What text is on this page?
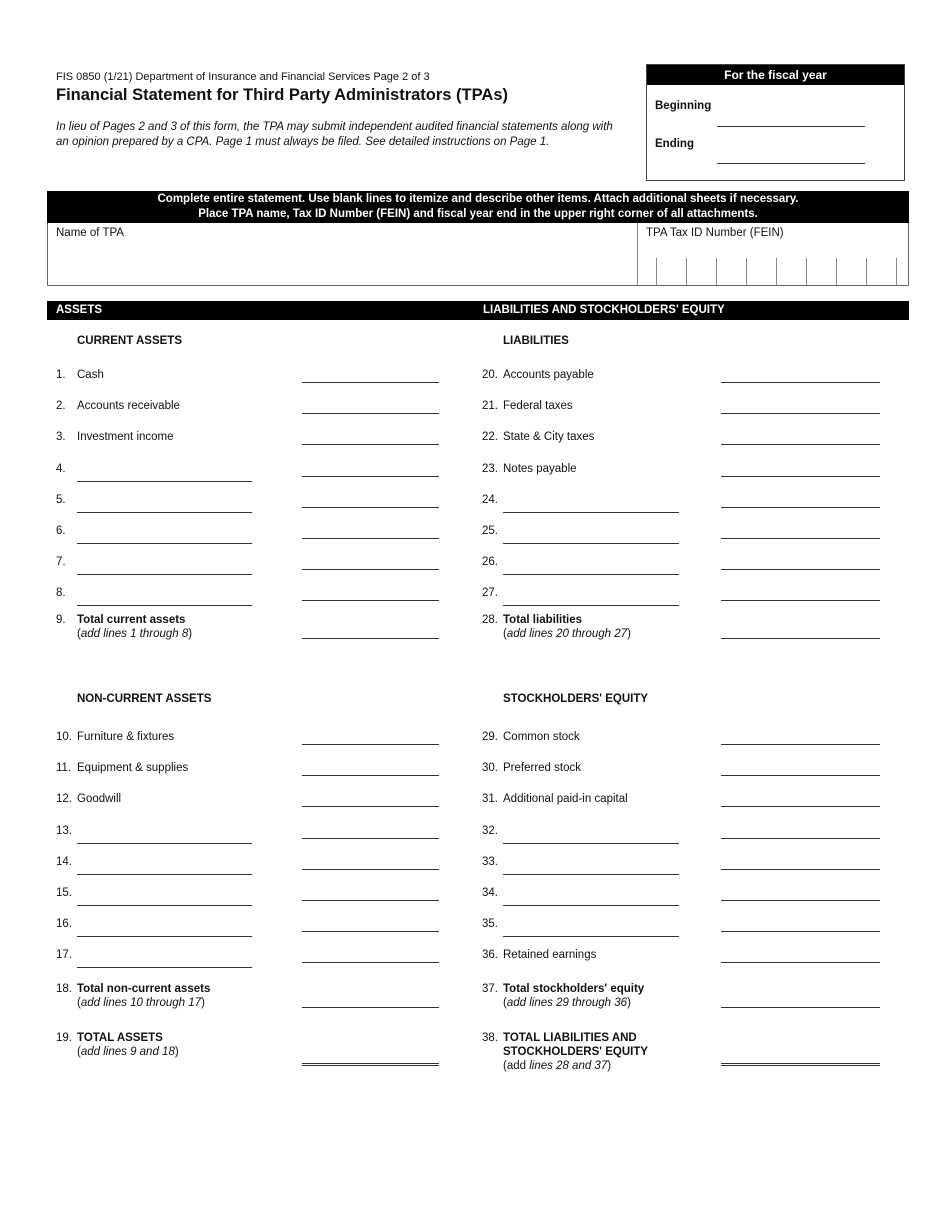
FIS 0850 (1/21) Department of Insurance and Financial Services Page 2 of 3
Financial Statement for Third Party Administrators (TPAs)
In lieu of Pages 2 and 3 of this form, the TPA may submit independent audited financial statements along with an opinion prepared by a CPA. Page 1 must always be filed. See detailed instructions on Page 1.
For the fiscal year
Beginning
Ending
Complete entire statement. Use blank lines to itemize and describe other items. Attach additional sheets if necessary.
Place TPA name, Tax ID Number (FEIN) and fiscal year end in the upper right corner of all attachments.
Name of TPA	TPA Tax ID Number (FEIN)
ASSETS	LIABILITIES AND STOCKHOLDERS' EQUITY
CURRENT ASSETS	LIABILITIES
NON-CURRENT ASSETS	STOCKHOLDERS' EQUITY
1. Cash
2. Accounts receivable
3. Investment income
4.
5.
6.
7.
8.
9. Total current assets
(add lines 1 through 8)
20. Accounts payable
21. Federal taxes
22. State & City taxes
23. Notes payable
24.
25.
26.
27.
28. Total liabilities
(add lines 20 through 27)
10. Furniture & fixtures
11. Equipment & supplies
12. Goodwill
13.
14.
15.
16.
17.
18. Total non-current assets
(add lines 10 through 17)
19. TOTAL ASSETS
(add lines 9 and 18)
29. Common stock
30. Preferred stock
31. Additional paid-in capital
32.
33.
34.
35.
36. Retained earnings
37. Total stockholders' equity
(add lines 29 through 36)
38. TOTAL LIABILITIES AND
STOCKHOLDERS' EQUITY
(add lines 28 and 37)
